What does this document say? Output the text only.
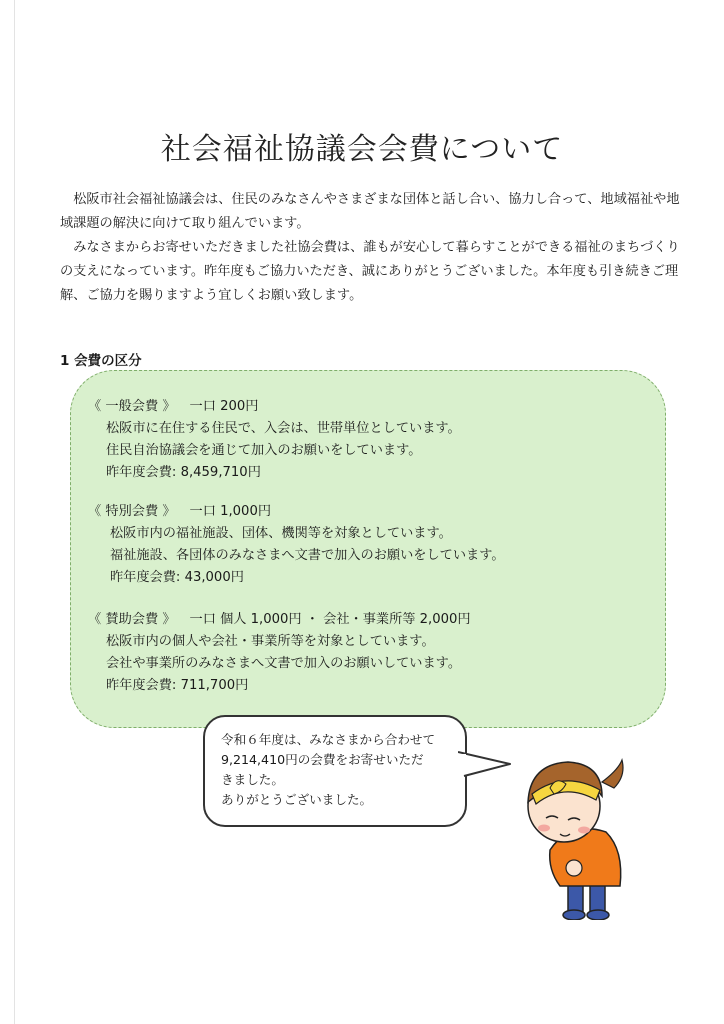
社会福祉協議会会費について

松阪市社会福祉協議会は、住民のみなさんやさまざまな団体と話し合い、協力し合って、地域福祉や地域課題の解決に向けて取り組んでいます。

みなさまからお寄せいただきました社協会費は、誰もが安心して暮らすことができる福祉のまちづくりの支えになっています。昨年度もご協力いただき、誠にありがとうございました。本年度も引き続きご理解、ご協力を賜りますよう宜しくお願い致します。

1 会費の区分
《 一般会費 》 一口 200円
松阪市に在住する住民で、入会は、世帯単位としています。
住民自治協議会を通じて加入のお願いをしています。
昨年度会費: 8,459,710円
《 特別会費 》 一口 1,000円
松阪市内の福祉施設、団体、機関等を対象としています。
福祉施設、各団体のみなさまへ文書で加入のお願いをしています。
昨年度会費: 43,000円
《 賛助会費 》 一口 個人 1,000円 ・ 会社・事業所等 2,000円
松阪市内の個人や会社・事業所等を対象としています。
会社や事業所のみなさまへ文書で加入のお願いしています。
昨年度会費: 711,700円
令和６年度は、みなさまから合わせて
9,214,410円の会費をお寄せいただ
きました。
ありがとうございました。
